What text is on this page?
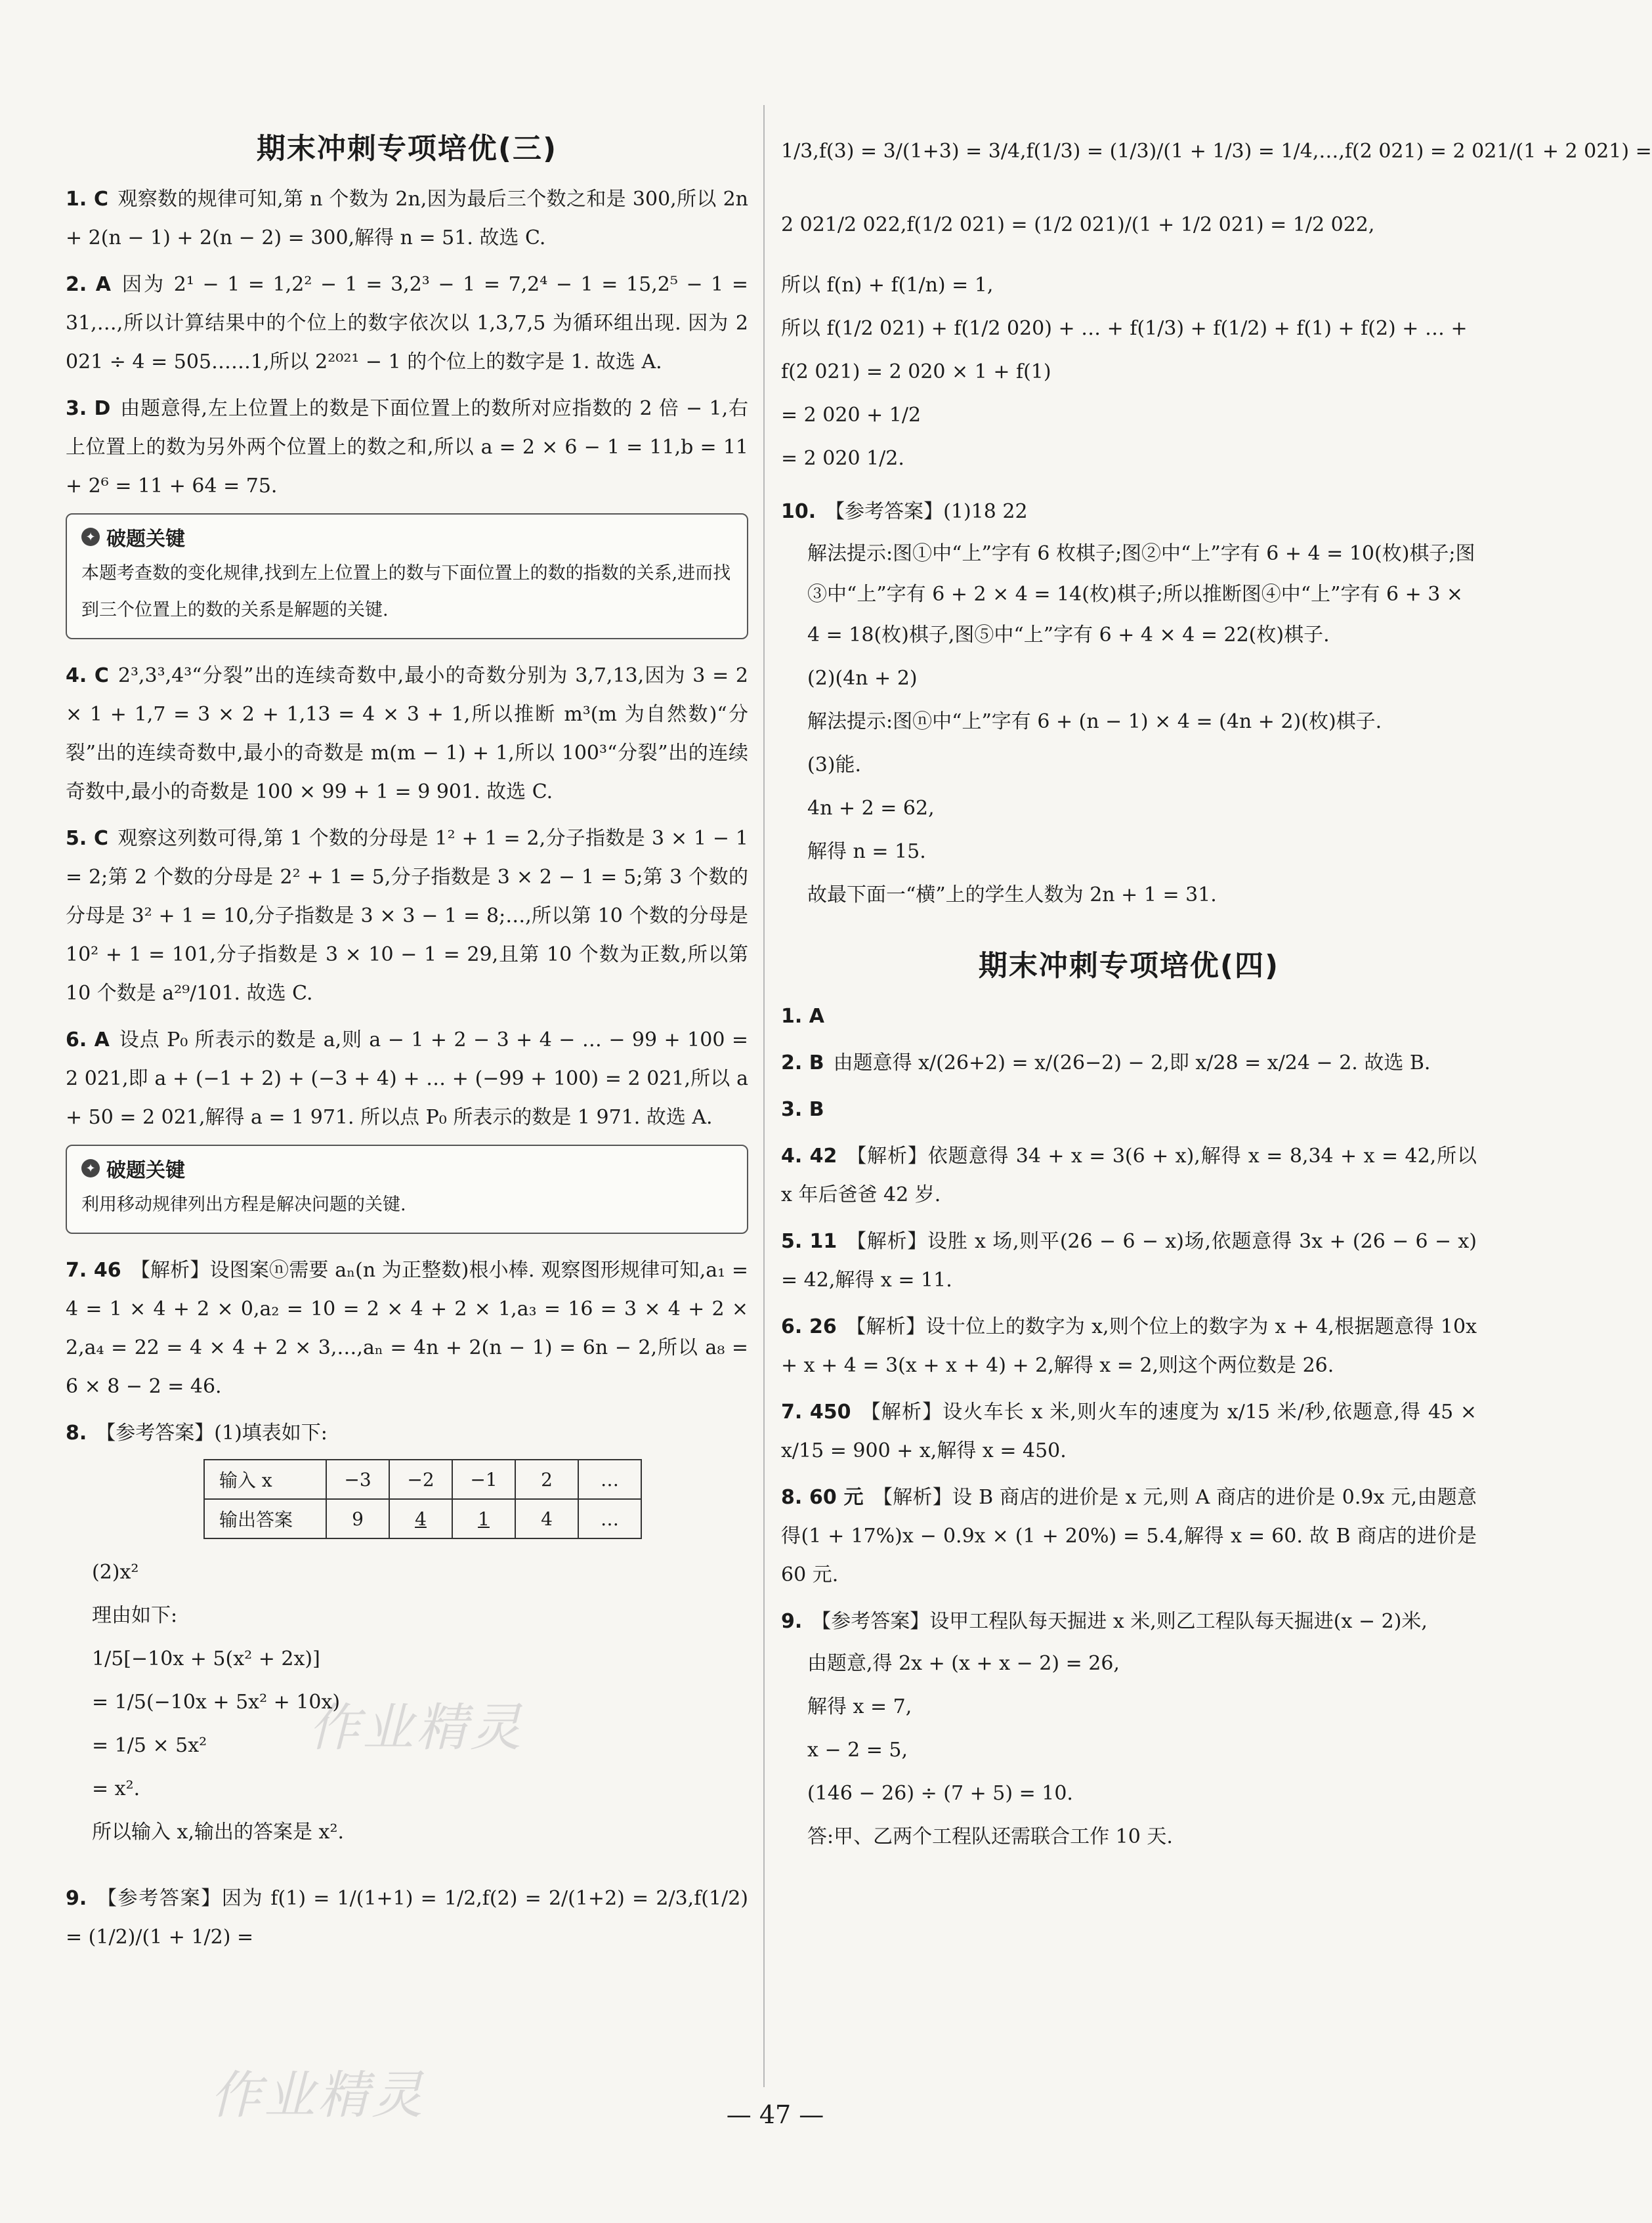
作业精灵
作业精灵
期末冲刺专项培优(三)
1. C 观察数的规律可知,第 n 个数为 2n,因为最后三个数之和是 300,所以 2n + 2(n − 1) + 2(n − 2) = 300,解得 n = 51. 故选 C.
2. A 因为 2¹ − 1 = 1,2² − 1 = 3,2³ − 1 = 7,2⁴ − 1 = 15,2⁵ − 1 = 31,…,所以计算结果中的个位上的数字依次以 1,3,7,5 为循环组出现. 因为 2 021 ÷ 4 = 505……1,所以 2²⁰²¹ − 1 的个位上的数字是 1. 故选 A.
3. D 由题意得,左上位置上的数是下面位置上的数所对应指数的 2 倍 − 1,右上位置上的数为另外两个位置上的数之和,所以 a = 2 × 6 − 1 = 11,b = 11 + 2⁶ = 11 + 64 = 75.
✦ 破题关键
本题考查数的变化规律,找到左上位置上的数与下面位置上的数的指数的关系,进而找到三个位置上的数的关系是解题的关键.
4. C 2³,3³,4³“分裂”出的连续奇数中,最小的奇数分别为 3,7,13,因为 3 = 2 × 1 + 1,7 = 3 × 2 + 1,13 = 4 × 3 + 1,所以推断 m³(m 为自然数)“分裂”出的连续奇数中,最小的奇数是 m(m − 1) + 1,所以 100³“分裂”出的连续奇数中,最小的奇数是 100 × 99 + 1 = 9 901. 故选 C.
5. C 观察这列数可得,第 1 个数的分母是 1² + 1 = 2,分子指数是 3 × 1 − 1 = 2;第 2 个数的分母是 2² + 1 = 5,分子指数是 3 × 2 − 1 = 5;第 3 个数的分母是 3² + 1 = 10,分子指数是 3 × 3 − 1 = 8;…,所以第 10 个数的分母是 10² + 1 = 101,分子指数是 3 × 10 − 1 = 29,且第 10 个数为正数,所以第 10 个数是 a²⁹/101. 故选 C.
6. A 设点 P₀ 所表示的数是 a,则 a − 1 + 2 − 3 + 4 − … − 99 + 100 = 2 021,即 a + (−1 + 2) + (−3 + 4) + … + (−99 + 100) = 2 021,所以 a + 50 = 2 021,解得 a = 1 971. 所以点 P₀ 所表示的数是 1 971. 故选 A.
✦ 破题关键
利用移动规律列出方程是解决问题的关键.
7. 46 【解析】设图案ⓝ需要 aₙ(n 为正整数)根小棒. 观察图形规律可知,a₁ = 4 = 1 × 4 + 2 × 0,a₂ = 10 = 2 × 4 + 2 × 1,a₃ = 16 = 3 × 4 + 2 × 2,a₄ = 22 = 4 × 4 + 2 × 3,…,aₙ = 4n + 2(n − 1) = 6n − 2,所以 a₈ = 6 × 8 − 2 = 46.
8. 【参考答案】(1)填表如下:
输入 x	−3	−2	−1	2	…
输出答案	9	4	1	4	…
(2)x²
理由如下:
1/5[−10x + 5(x² + 2x)]
= 1/5(−10x + 5x² + 10x)
= 1/5 × 5x²
= x².
所以输入 x,输出的答案是 x².
9. 【参考答案】因为 f(1) = 1/(1+1) = 1/2,f(2) = 2/(1+2) = 2/3,f(1/2) = (1/2)/(1 + 1/2) =
1/3,f(3) = 3/(1+3) = 3/4,f(1/3) = (1/3)/(1 + 1/3) = 1/4,…,f(2 021) = 2 021/(1 + 2 021) =
2 021/2 022,f(1/2 021) = (1/2 021)/(1 + 1/2 021) = 1/2 022,
所以 f(n) + f(1/n) = 1,
所以 f(1/2 021) + f(1/2 020) + … + f(1/3) + f(1/2) + f(1) + f(2) + … +
f(2 021) = 2 020 × 1 + f(1)
= 2 020 + 1/2
= 2 020 1/2.
10. 【参考答案】(1)18 22
解法提示:图①中“上”字有 6 枚棋子;图②中“上”字有 6 + 4 = 10(枚)棋子;图③中“上”字有 6 + 2 × 4 = 14(枚)棋子;所以推断图④中“上”字有 6 + 3 × 4 = 18(枚)棋子,图⑤中“上”字有 6 + 4 × 4 = 22(枚)棋子.
(2)(4n + 2)
解法提示:图ⓝ中“上”字有 6 + (n − 1) × 4 = (4n + 2)(枚)棋子.
(3)能.
4n + 2 = 62,
解得 n = 15.
故最下面一“横”上的学生人数为 2n + 1 = 31.
期末冲刺专项培优(四)
1. A
2. B 由题意得 x/(26+2) = x/(26−2) − 2,即 x/28 = x/24 − 2. 故选 B.
3. B
4. 42 【解析】依题意得 34 + x = 3(6 + x),解得 x = 8,34 + x = 42,所以 x 年后爸爸 42 岁.
5. 11 【解析】设胜 x 场,则平(26 − 6 − x)场,依题意得 3x + (26 − 6 − x) = 42,解得 x = 11.
6. 26 【解析】设十位上的数字为 x,则个位上的数字为 x + 4,根据题意得 10x + x + 4 = 3(x + x + 4) + 2,解得 x = 2,则这个两位数是 26.
7. 450 【解析】设火车长 x 米,则火车的速度为 x/15 米/秒,依题意,得 45 × x/15 = 900 + x,解得 x = 450.
8. 60 元 【解析】设 B 商店的进价是 x 元,则 A 商店的进价是 0.9x 元,由题意得(1 + 17%)x − 0.9x × (1 + 20%) = 5.4,解得 x = 60. 故 B 商店的进价是 60 元.
9. 【参考答案】设甲工程队每天掘进 x 米,则乙工程队每天掘进(x − 2)米,
由题意,得 2x + (x + x − 2) = 26,
解得 x = 7,
x − 2 = 5,
(146 − 26) ÷ (7 + 5) = 10.
答:甲、乙两个工程队还需联合工作 10 天.
— 47 —
